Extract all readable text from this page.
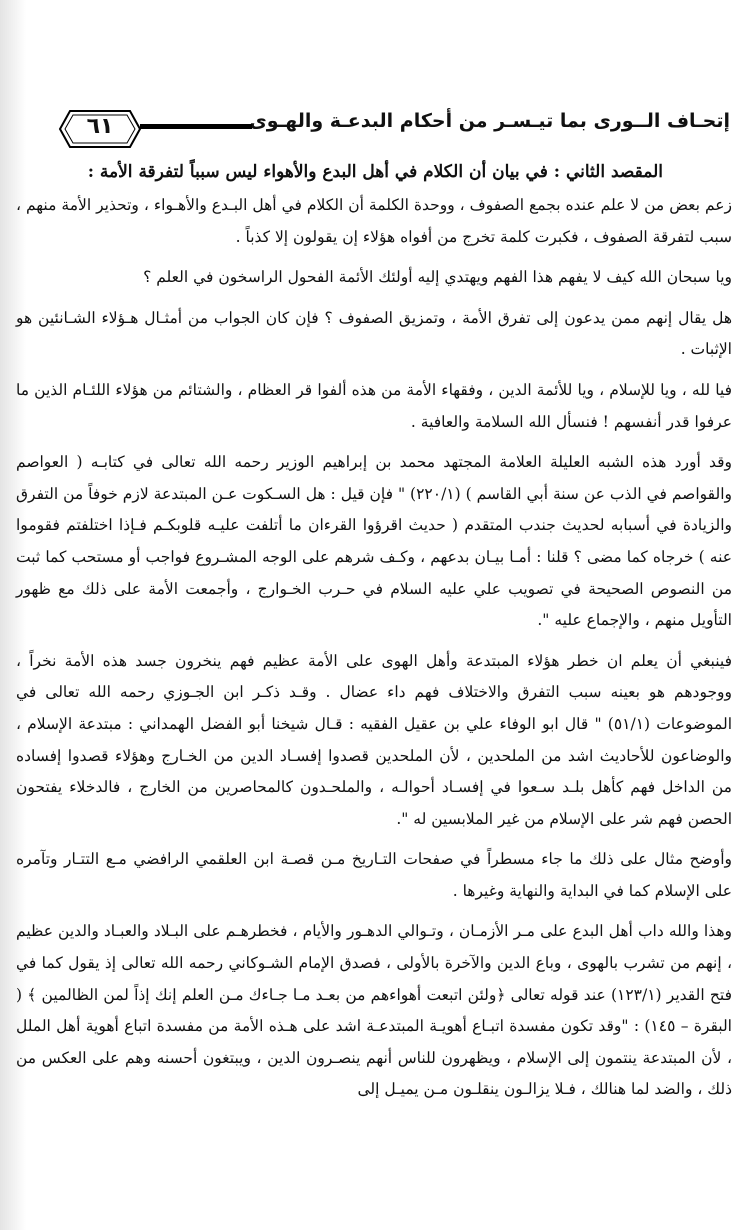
إتحـاف الــورى بما تيـسـر من أحكام البدعـة والهـوى
٦١
المقصد الثاني : في بيان أن الكلام في أهل البدع والأهواء ليس سبباً لتفرقة الأمة :

زعم بعض من لا علم عنده بجمع الصفوف ، ووحدة الكلمة أن الكلام في أهل البـدع والأهـواء ، وتحذير الأمة منهم ، سبب لتفرقة الصفوف ، فكبرت كلمة تخرج من أفواه هؤلاء إن يقولون إلا كذباً .

ويا سبحان الله كيف لا يفهم هذا الفهم ويهتدي إليه أولئك الأئمة الفحول الراسخون في العلم ؟

هل يقال إنهم ممن يدعون إلى تفرق الأمة ، وتمزيق الصفوف ؟ فإن كان الجواب من أمثـال هـؤلاء الشـانئين هو الإثبات .

فيا لله ، ويا للإسلام ، ويا للأئمة الدين ، وفقهاء الأمة من هذه ألفوا قر العظام ، والشتائم من هؤلاء اللئـام الذين ما عرفوا قدر أنفسهم ! فنسأل الله السلامة والعافية .

وقد أورد هذه الشبه العليلة العلامة المجتهد محمد بن إبراهيم الوزير رحمه الله تعالى في كتابـه ( العواصم والقواصم في الذب عن سنة أبي القاسم ) (٢٢٠/١) " فإن قيل : هل السـكوت عـن المبتدعة لازم خوفاً من التفرق والزيادة في أسبابه لحديث جندب المتقدم ( حديث اقرؤوا القرءان ما أتلفت عليـه قلوبكـم فـإذا اختلفتم فقوموا عنه ) خرجاه كما مضى ؟ قلنا : أمـا بيـان بدعهم ، وكـف شرهم على الوجه المشـروع فواجب أو مستحب كما ثبت من النصوص الصحيحة في تصويب علي عليه السلام في حـرب الخـوارج ، وأجمعت الأمة على ذلك مع ظهور التأويل منهم ، والإجماع عليه ".

فينبغي أن يعلم ان خطر هؤلاء المبتدعة وأهل الهوى على الأمة عظيم فهم ينخرون جسد هذه الأمة نخراً ، ووجودهم هو بعينه سبب التفرق والاختلاف فهم داء عضال . وقـد ذكـر ابن الجـوزي رحمه الله تعالى في الموضوعات (٥١/١) " قال ابو الوفاء علي بن عقيل الفقيه : قـال شيخنا أبو الفضل الهمداني : مبتدعة الإسلام ، والوضاعون للأحاديث اشد من الملحدين ، لأن الملحدين قصدوا إفسـاد الدين من الخـارج وهؤلاء قصدوا إفساده من الداخل فهم كأهل بلـد سـعوا في إفسـاد أحوالـه ، والملحـدون كالمحاصرين من الخارج ، فالدخلاء يفتحون الحصن فهم شر على الإسلام من غير الملابسين له ".

وأوضح مثال على ذلك ما جاء مسطراً في صفحات التـاريخ مـن قصـة ابن العلقمي الرافضي مـع التتـار وتآمره على الإسلام كما في البداية والنهاية وغيرها .

وهذا والله داب أهل البدع على مـر الأزمـان ، وتـوالي الدهـور والأيام ، فخطرهـم على البـلاد والعبـاد والدين عظيم ، إنهم من تشرب بالهوى ، وباع الدين والآخرة بالأولى ، فصدق الإمام الشـوكاني رحمه الله تعالى إذ يقول كما في فتح القدير (١٢٣/١) عند قوله تعالى ﴿ولئن اتبعت أهواءهم من بعـد مـا جـاءك مـن العلم إنك إذاً لمن الظالمين ﴾ ( البقرة – ١٤٥) : "وقد تكون مفسدة اتبـاع أهويـة المبتدعـة اشد على هـذه الأمة من مفسدة اتباع أهوية أهل الملل ، لأن المبتدعة ينتمون إلى الإسلام ، ويظهرون للناس أنهم ينصـرون الدين ، ويبتغون أحسنه وهم على العكس من ذلك ، والضد لما هنالك ، فـلا يزالـون ينقلـون مـن يميـل إلى
